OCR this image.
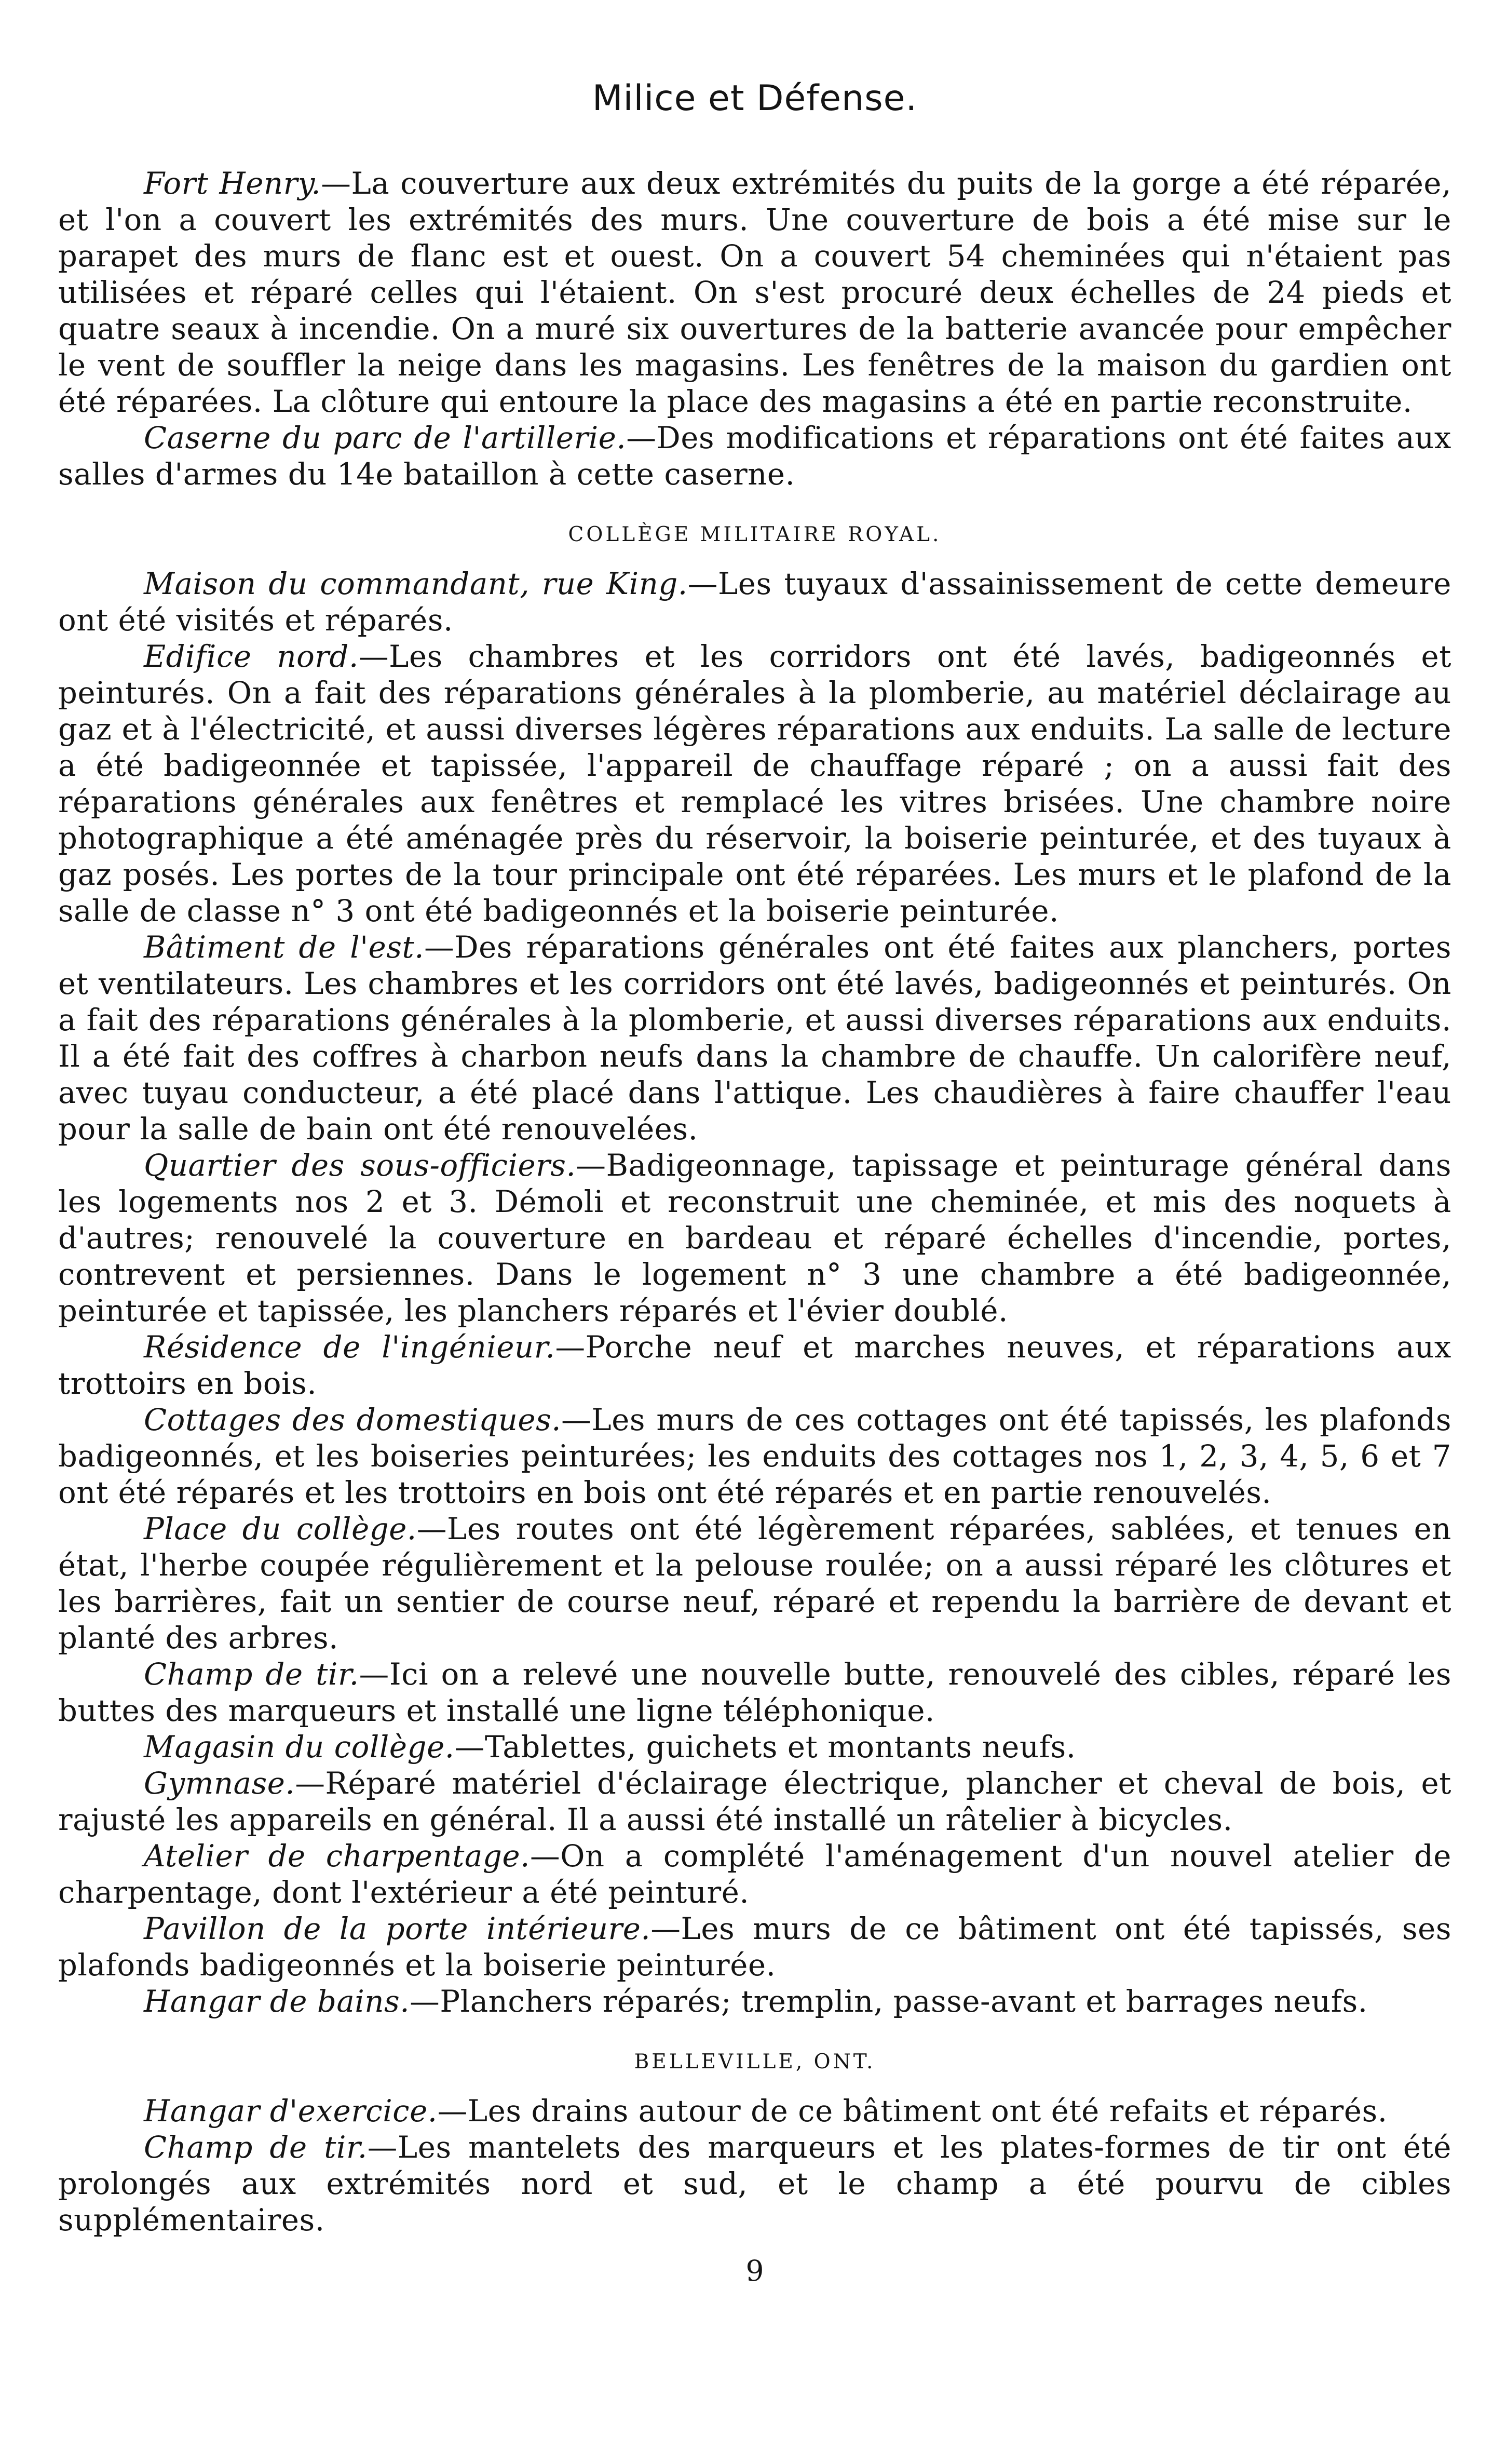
Milice et Défense.

Fort Henry.—La couverture aux deux extrémités du puits de la gorge a été réparée, et l'on a couvert les extrémités des murs. Une couverture de bois a été mise sur le parapet des murs de flanc est et ouest. On a couvert 54 cheminées qui n'étaient pas utilisées et réparé celles qui l'étaient. On s'est procuré deux échelles de 24 pieds et quatre seaux à incendie. On a muré six ouvertures de la batterie avancée pour empêcher le vent de souffler la neige dans les magasins. Les fenêtres de la maison du gardien ont été réparées. La clôture qui entoure la place des magasins a été en partie reconstruite.

Caserne du parc de l'artillerie.—Des modifications et réparations ont été faites aux salles d'armes du 14e bataillon à cette caserne.

COLLÈGE MILITAIRE ROYAL.

Maison du commandant, rue King.—Les tuyaux d'assainissement de cette demeure ont été visités et réparés.

Edifice nord.—Les chambres et les corridors ont été lavés, badigeonnés et peinturés. On a fait des réparations générales à la plomberie, au matériel déclairage au gaz et à l'électricité, et aussi diverses légères réparations aux enduits. La salle de lecture a été badigeonnée et tapissée, l'appareil de chauffage réparé ; on a aussi fait des réparations générales aux fenêtres et remplacé les vitres brisées. Une chambre noire photographique a été aménagée près du réservoir, la boiserie peinturée, et des tuyaux à gaz posés. Les portes de la tour principale ont été réparées. Les murs et le plafond de la salle de classe n° 3 ont été badigeonnés et la boiserie peinturée.

Bâtiment de l'est.—Des réparations générales ont été faites aux planchers, portes et ventilateurs. Les chambres et les corridors ont été lavés, badigeonnés et peinturés. On a fait des réparations générales à la plomberie, et aussi diverses réparations aux enduits. Il a été fait des coffres à charbon neufs dans la chambre de chauffe. Un calorifère neuf, avec tuyau conducteur, a été placé dans l'attique. Les chaudières à faire chauffer l'eau pour la salle de bain ont été renouvelées.

Quartier des sous-officiers.—Badigeonnage, tapissage et peinturage général dans les logements nos 2 et 3. Démoli et reconstruit une cheminée, et mis des noquets à d'autres; renouvelé la couverture en bardeau et réparé échelles d'incendie, portes, contrevent et persiennes. Dans le logement n° 3 une chambre a été badigeonnée, peinturée et tapissée, les planchers réparés et l'évier doublé.

Résidence de l'ingénieur.—Porche neuf et marches neuves, et réparations aux trottoirs en bois.

Cottages des domestiques.—Les murs de ces cottages ont été tapissés, les plafonds badigeonnés, et les boiseries peinturées; les enduits des cottages nos 1, 2, 3, 4, 5, 6 et 7 ont été réparés et les trottoirs en bois ont été réparés et en partie renouvelés.

Place du collège.—Les routes ont été légèrement réparées, sablées, et tenues en état, l'herbe coupée régulièrement et la pelouse roulée; on a aussi réparé les clôtures et les barrières, fait un sentier de course neuf, réparé et rependu la barrière de devant et planté des arbres.

Champ de tir.—Ici on a relevé une nouvelle butte, renouvelé des cibles, réparé les buttes des marqueurs et installé une ligne téléphonique.

Magasin du collège.—Tablettes, guichets et montants neufs.

Gymnase.—Réparé matériel d'éclairage électrique, plancher et cheval de bois, et rajusté les appareils en général. Il a aussi été installé un râtelier à bicycles.

Atelier de charpentage.—On a complété l'aménagement d'un nouvel atelier de charpentage, dont l'extérieur a été peinturé.

Pavillon de la porte intérieure.—Les murs de ce bâtiment ont été tapissés, ses plafonds badigeonnés et la boiserie peinturée.

Hangar de bains.—Planchers réparés; tremplin, passe-avant et barrages neufs.

BELLEVILLE, ONT.

Hangar d'exercice.—Les drains autour de ce bâtiment ont été refaits et réparés.

Champ de tir.—Les mantelets des marqueurs et les plates-formes de tir ont été prolongés aux extrémités nord et sud, et le champ a été pourvu de cibles supplémentaires.

9
